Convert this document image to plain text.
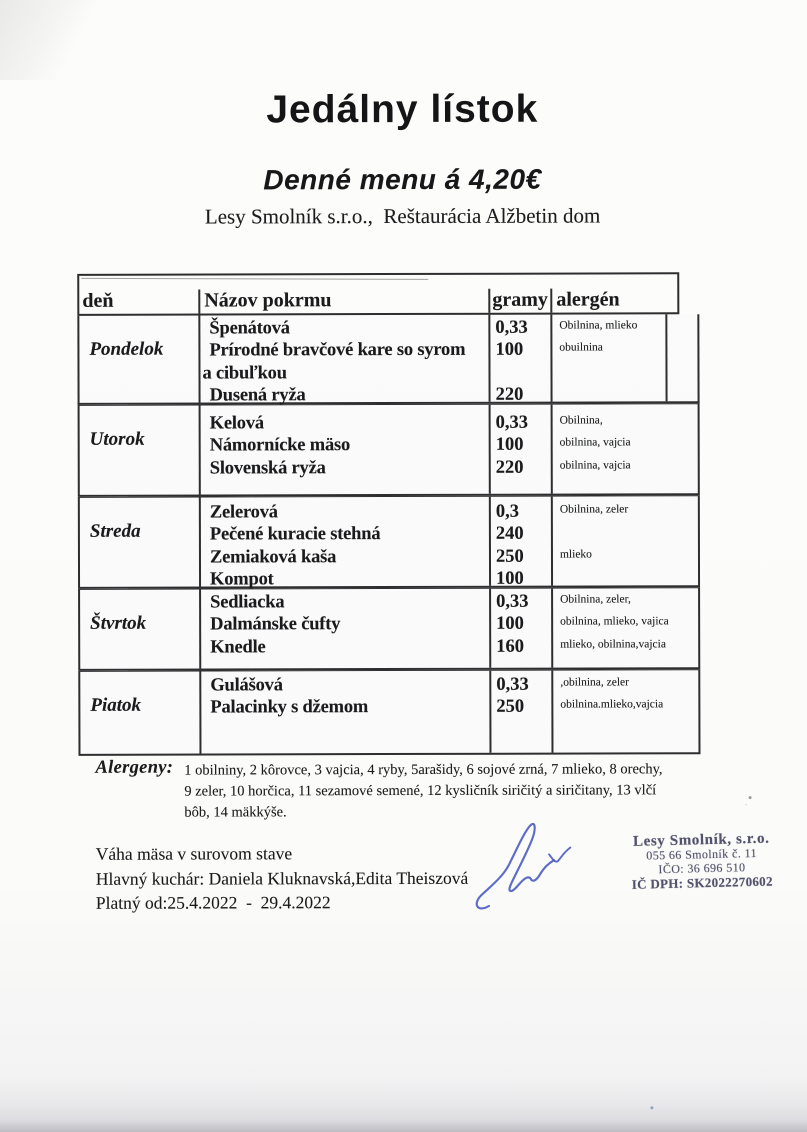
Jedálny lístok
Denné menu á 4,20€
Lesy Smolník s.r.o.,  Reštaurácia Alžbetin dom
deň	Názov pokrmu	gramy alergén
Pondelok
Špenátová
Prírodné bravčové kare so syrom
a cibuľkou
Dusená ryža
0,33
100
220
Obilnina, mlieko
obuilnina
Utorok
Kelová
Námornícke mäso
Slovenská ryža
0,33
100
220
Obilnina,
obilnina, vajcia
obilnina, vajcia
Streda
Zelerová
Pečené kuracie stehná
Zemiaková kaša
Kompot
0,3
240
250
100
Obilnina, zeler
mlieko
Štvrtok
Sedliacka
Dalmánske čufty
Knedle
0,33
100
160
Obilnina, zeler,
obilnina, mlieko, vajica
mlieko, obilnina,vajcia
Piatok
Gulášová
Palacinky s džemom
0,33
250
,obilnina, zeler
obilnina.mlieko,vajcia
Alergeny: 1 obilniny, 2 kôrovce, 3 vajcia, 4 ryby, 5arašidy, 6 sojové zrná, 7 mlieko, 8 orechy,
9 zeler, 10 horčica, 11 sezamové semené, 12 kysličník siričitý a siričitany, 13 vlčí
bôb, 14 mäkkýše.
Váha mäsa v surovom stave
Hlavný kuchár: Daniela Kluknavská,Edita Theiszová
Platný od:25.4.2022  -  29.4.2022
Lesy Smolník, s.r.o.
055 66 Smolník č. 11
IČO: 36 696 510
IČ DPH: SK2022270602
